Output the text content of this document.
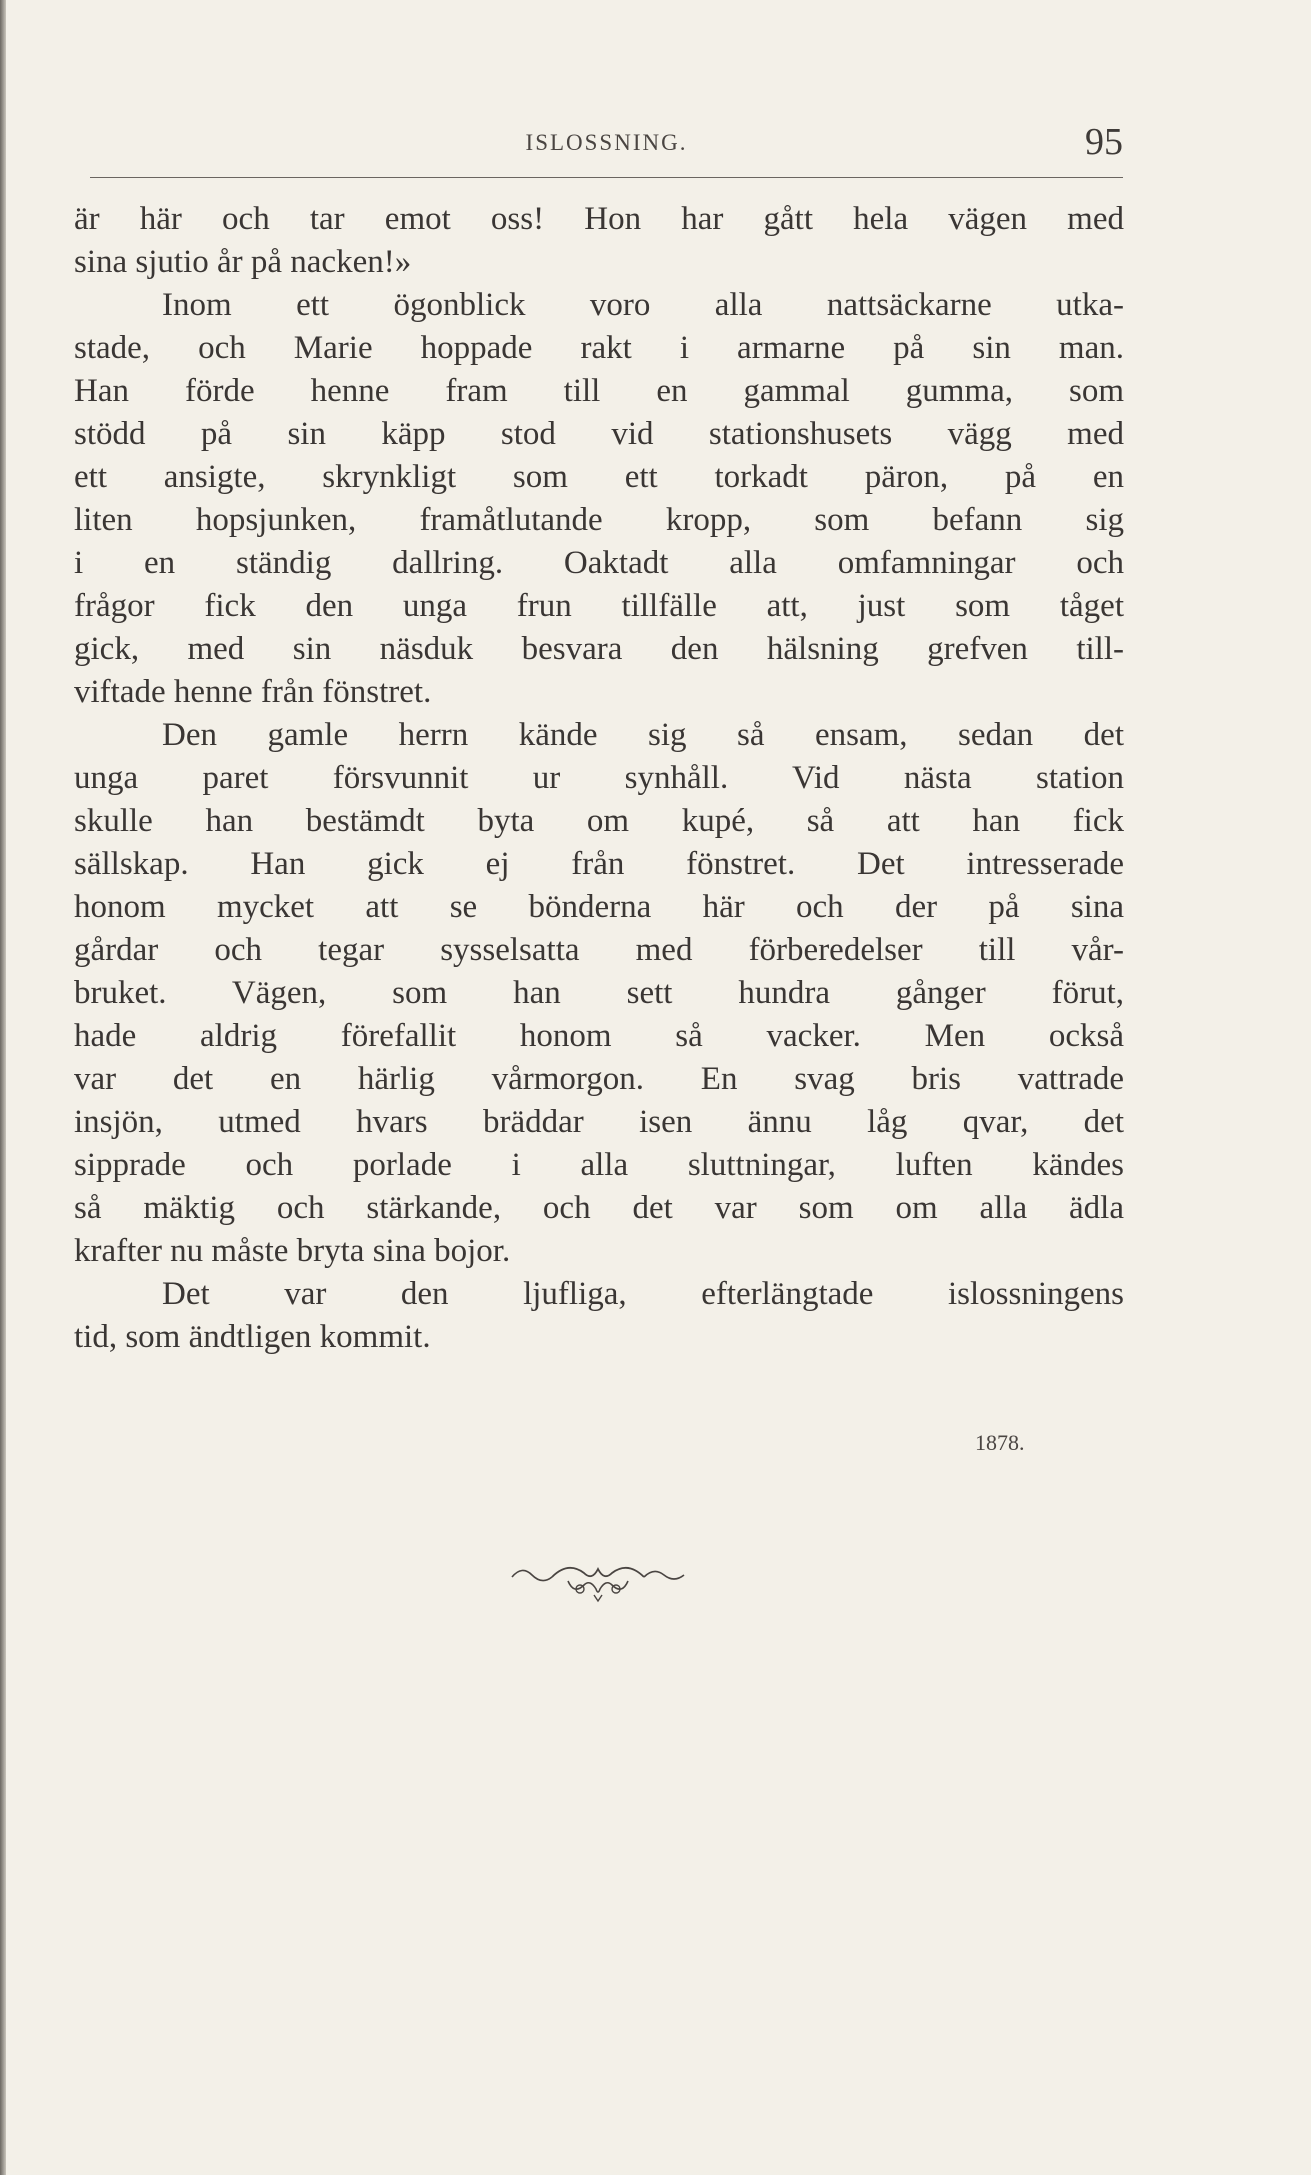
ISLOSSNING.	95
är här och tar emot oss! Hon har gått hela vägen med
sina sjutio år på nacken!»
Inom ett ögonblick voro alla nattsäckarne utka-
stade, och Marie hoppade rakt i armarne på sin man.
Han förde henne fram till en gammal gumma, som
stödd på sin käpp stod vid stationshusets vägg med
ett ansigte, skrynkligt som ett torkadt päron, på en
liten hopsjunken, framåtlutande kropp, som befann sig
i en ständig dallring. Oaktadt alla omfamningar och
frågor fick den unga frun tillfälle att, just som tåget
gick, med sin näsduk besvara den hälsning grefven till-
viftade henne från fönstret.
Den gamle herrn kände sig så ensam, sedan det
unga paret försvunnit ur synhåll. Vid nästa station
skulle han bestämdt byta om kupé, så att han fick
sällskap. Han gick ej från fönstret. Det intresserade
honom mycket att se bönderna här och der på sina
gårdar och tegar sysselsatta med förberedelser till vår-
bruket. Vägen, som han sett hundra gånger förut,
hade aldrig förefallit honom så vacker. Men också
var det en härlig vårmorgon. En svag bris vattrade
insjön, utmed hvars bräddar isen ännu låg qvar, det
sipprade och porlade i alla sluttningar, luften kändes
så mäktig och stärkande, och det var som om alla ädla
krafter nu måste bryta sina bojor.
Det var den ljufliga, efterlängtade islossningens
tid, som ändtligen kommit.
1878.
